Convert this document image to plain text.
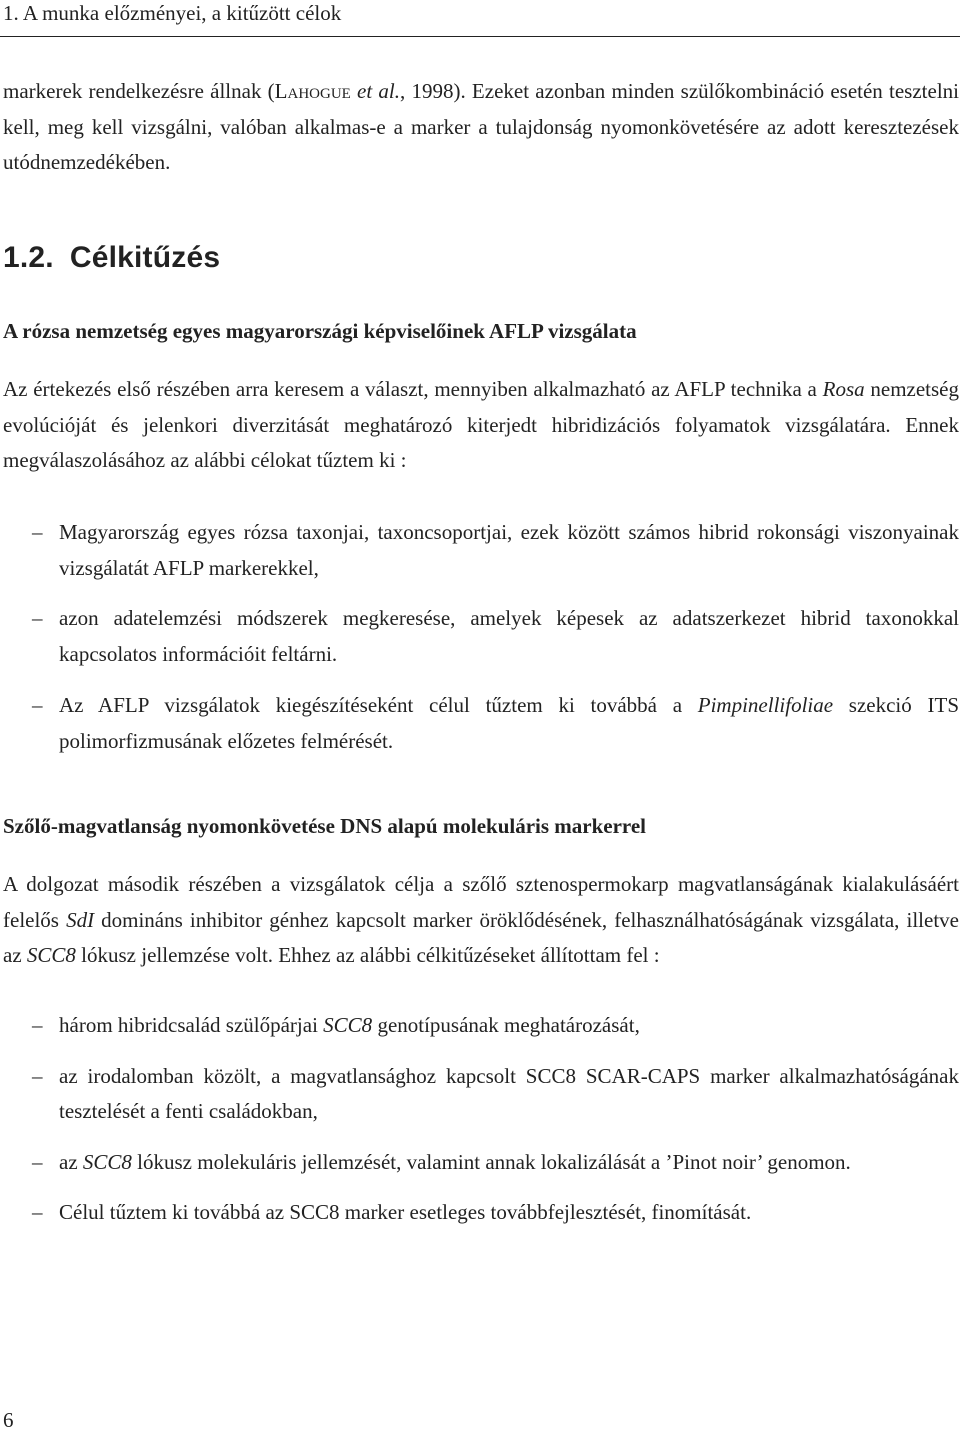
1. A munka előzményei, a kitűzött célok

markerek rendelkezésre állnak (Lahogue et al., 1998). Ezeket azonban minden szülőkombináció esetén tesztelni kell, meg kell vizsgálni, valóban alkalmas-e a marker a tulajdonság nyomonkövetésére az adott keresztezések utódnemzedékében.

1.2. Célkitűzés
A rózsa nemzetség egyes magyarországi képviselőinek AFLP vizsgálata

Az értekezés első részében arra keresem a választ, mennyiben alkalmazható az AFLP technika a Rosa nemzetség evolúcióját és jelenkori diverzitását meghatározó kiterjedt hibridizációs folyamatok vizsgálatára. Ennek megválaszolásához az alábbi célokat tűztem ki :

– Magyarország egyes rózsa taxonjai, taxoncsoportjai, ezek között számos hibrid rokonsági viszonyainak vizsgálatát AFLP markerekkel,
– azon adatelemzési módszerek megkeresése, amelyek képesek az adatszerkezet hibrid taxonokkal kapcsolatos információit feltárni.
– Az AFLP vizsgálatok kiegészítéseként célul tűztem ki továbbá a Pimpinellifoliae szekció ITS polimorfizmusának előzetes felmérését.
Szőlő-magvatlanság nyomonkövetése DNS alapú molekuláris markerrel

A dolgozat második részében a vizsgálatok célja a szőlő sztenospermokarp magvatlanságának kialakulásáért felelős SdI domináns inhibitor génhez kapcsolt marker öröklődésének, felhasználhatóságának vizsgálata, illetve az SCC8 lókusz jellemzése volt. Ehhez az alábbi célkitűzéseket állítottam fel :

– három hibridcsalád szülőpárjai SCC8 genotípusának meghatározását,
– az irodalomban közölt, a magvatlansághoz kapcsolt SCC8 SCAR-CAPS marker alkalmazhatóságának tesztelését a fenti családokban,
– az SCC8 lókusz molekuláris jellemzését, valamint annak lokalizálását a ’Pinot noir’ genomon.
– Célul tűztem ki továbbá az SCC8 marker esetleges továbbfejlesztését, finomítását.
6
